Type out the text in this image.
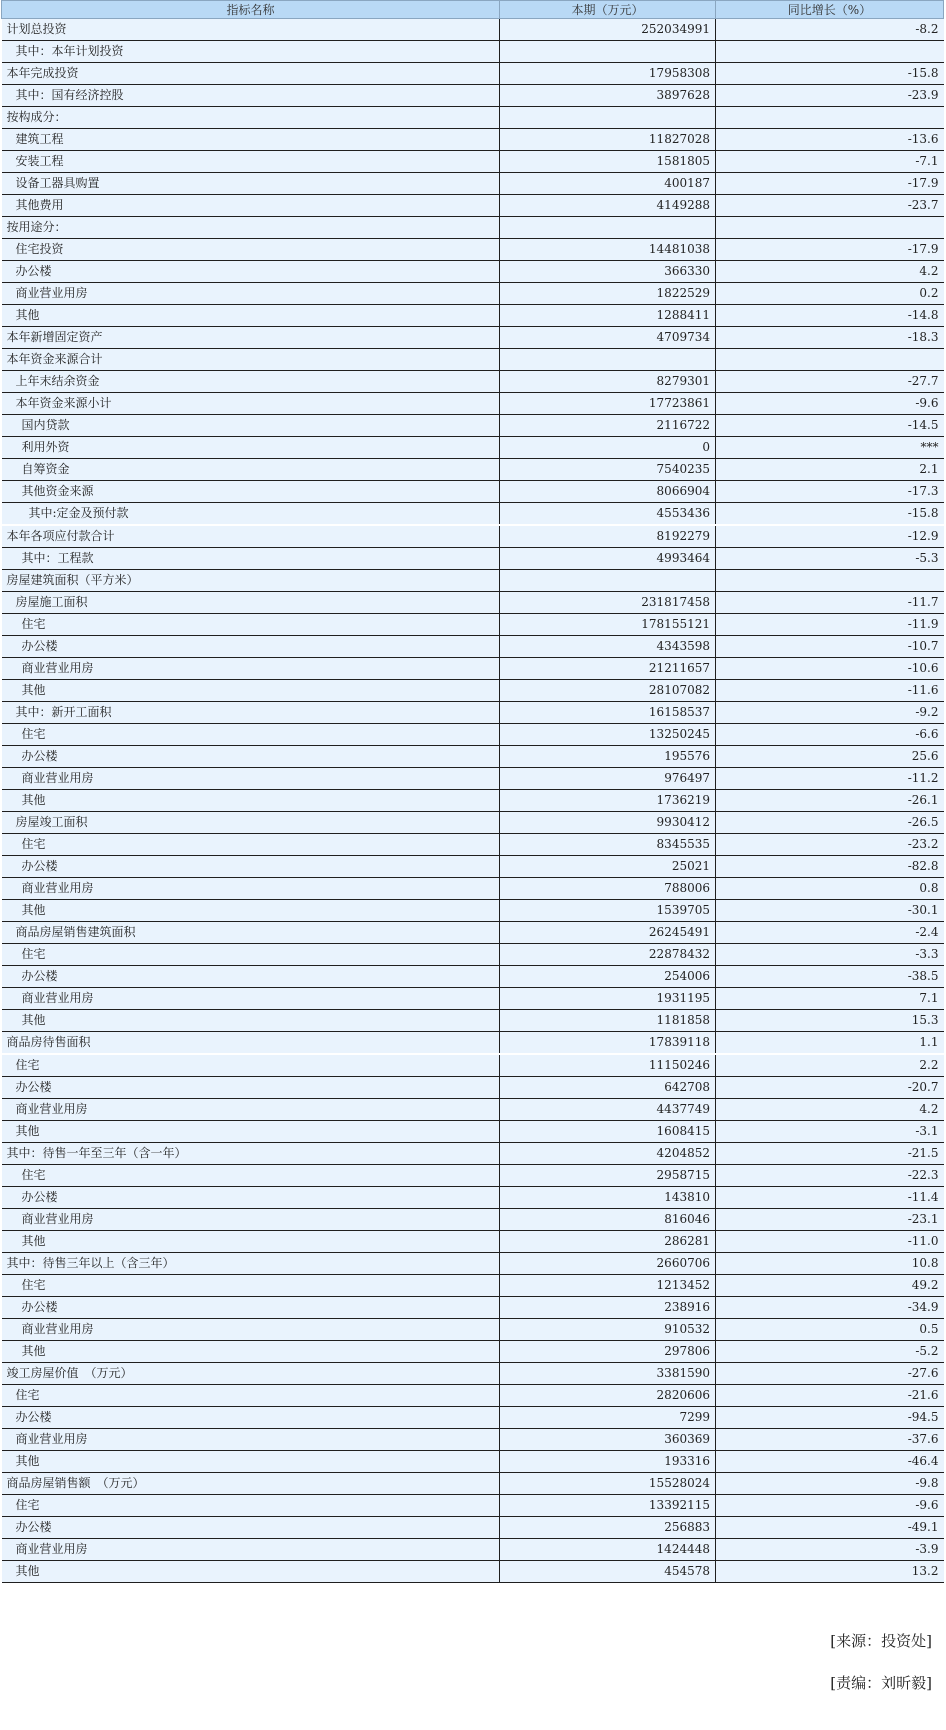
指标名称	本期（万元）	同比增长（%）
计划总投资	252034991	-8.2
其中：本年计划投资		
本年完成投资	17958308	-15.8
其中：国有经济控股	3897628	-23.9
按构成分：		
建筑工程	11827028	-13.6
安装工程	1581805	-7.1
设备工器具购置	400187	-17.9
其他费用	4149288	-23.7
按用途分：		
住宅投资	14481038	-17.9
办公楼	366330	4.2
商业营业用房	1822529	0.2
其他	1288411	-14.8
本年新增固定资产	4709734	-18.3
本年资金来源合计		
上年末结余资金	8279301	-27.7
本年资金来源小计	17723861	-9.6
国内贷款	2116722	-14.5
利用外资	0	***
自筹资金	7540235	2.1
其他资金来源	8066904	-17.3
其中:定金及预付款	4553436	-15.8
本年各项应付款合计	8192279	-12.9
其中：工程款	4993464	-5.3
房屋建筑面积（平方米）		
房屋施工面积	231817458	-11.7
住宅	178155121	-11.9
办公楼	4343598	-10.7
商业营业用房	21211657	-10.6
其他	28107082	-11.6
其中：新开工面积	16158537	-9.2
住宅	13250245	-6.6
办公楼	195576	25.6
商业营业用房	976497	-11.2
其他	1736219	-26.1
房屋竣工面积	9930412	-26.5
住宅	8345535	-23.2
办公楼	25021	-82.8
商业营业用房	788006	0.8
其他	1539705	-30.1
商品房屋销售建筑面积	26245491	-2.4
住宅	22878432	-3.3
办公楼	254006	-38.5
商业营业用房	1931195	7.1
其他	1181858	15.3
商品房待售面积	17839118	1.1
住宅	11150246	2.2
办公楼	642708	-20.7
商业营业用房	4437749	4.2
其他	1608415	-3.1
其中：待售一年至三年（含一年）	4204852	-21.5
住宅	2958715	-22.3
办公楼	143810	-11.4
商业营业用房	816046	-23.1
其他	286281	-11.0
其中：待售三年以上（含三年）	2660706	10.8
住宅	1213452	49.2
办公楼	238916	-34.9
商业营业用房	910532	0.5
其他	297806	-5.2
竣工房屋价值　（万元）	3381590	-27.6
住宅	2820606	-21.6
办公楼	7299	-94.5
商业营业用房	360369	-37.6
其他	193316	-46.4
商品房屋销售额　（万元）	15528024	-9.8
住宅	13392115	-9.6
办公楼	256883	-49.1
商业营业用房	1424448	-3.9
其他	454578	13.2
[来源：投资处]
[责编：刘昕毅]
